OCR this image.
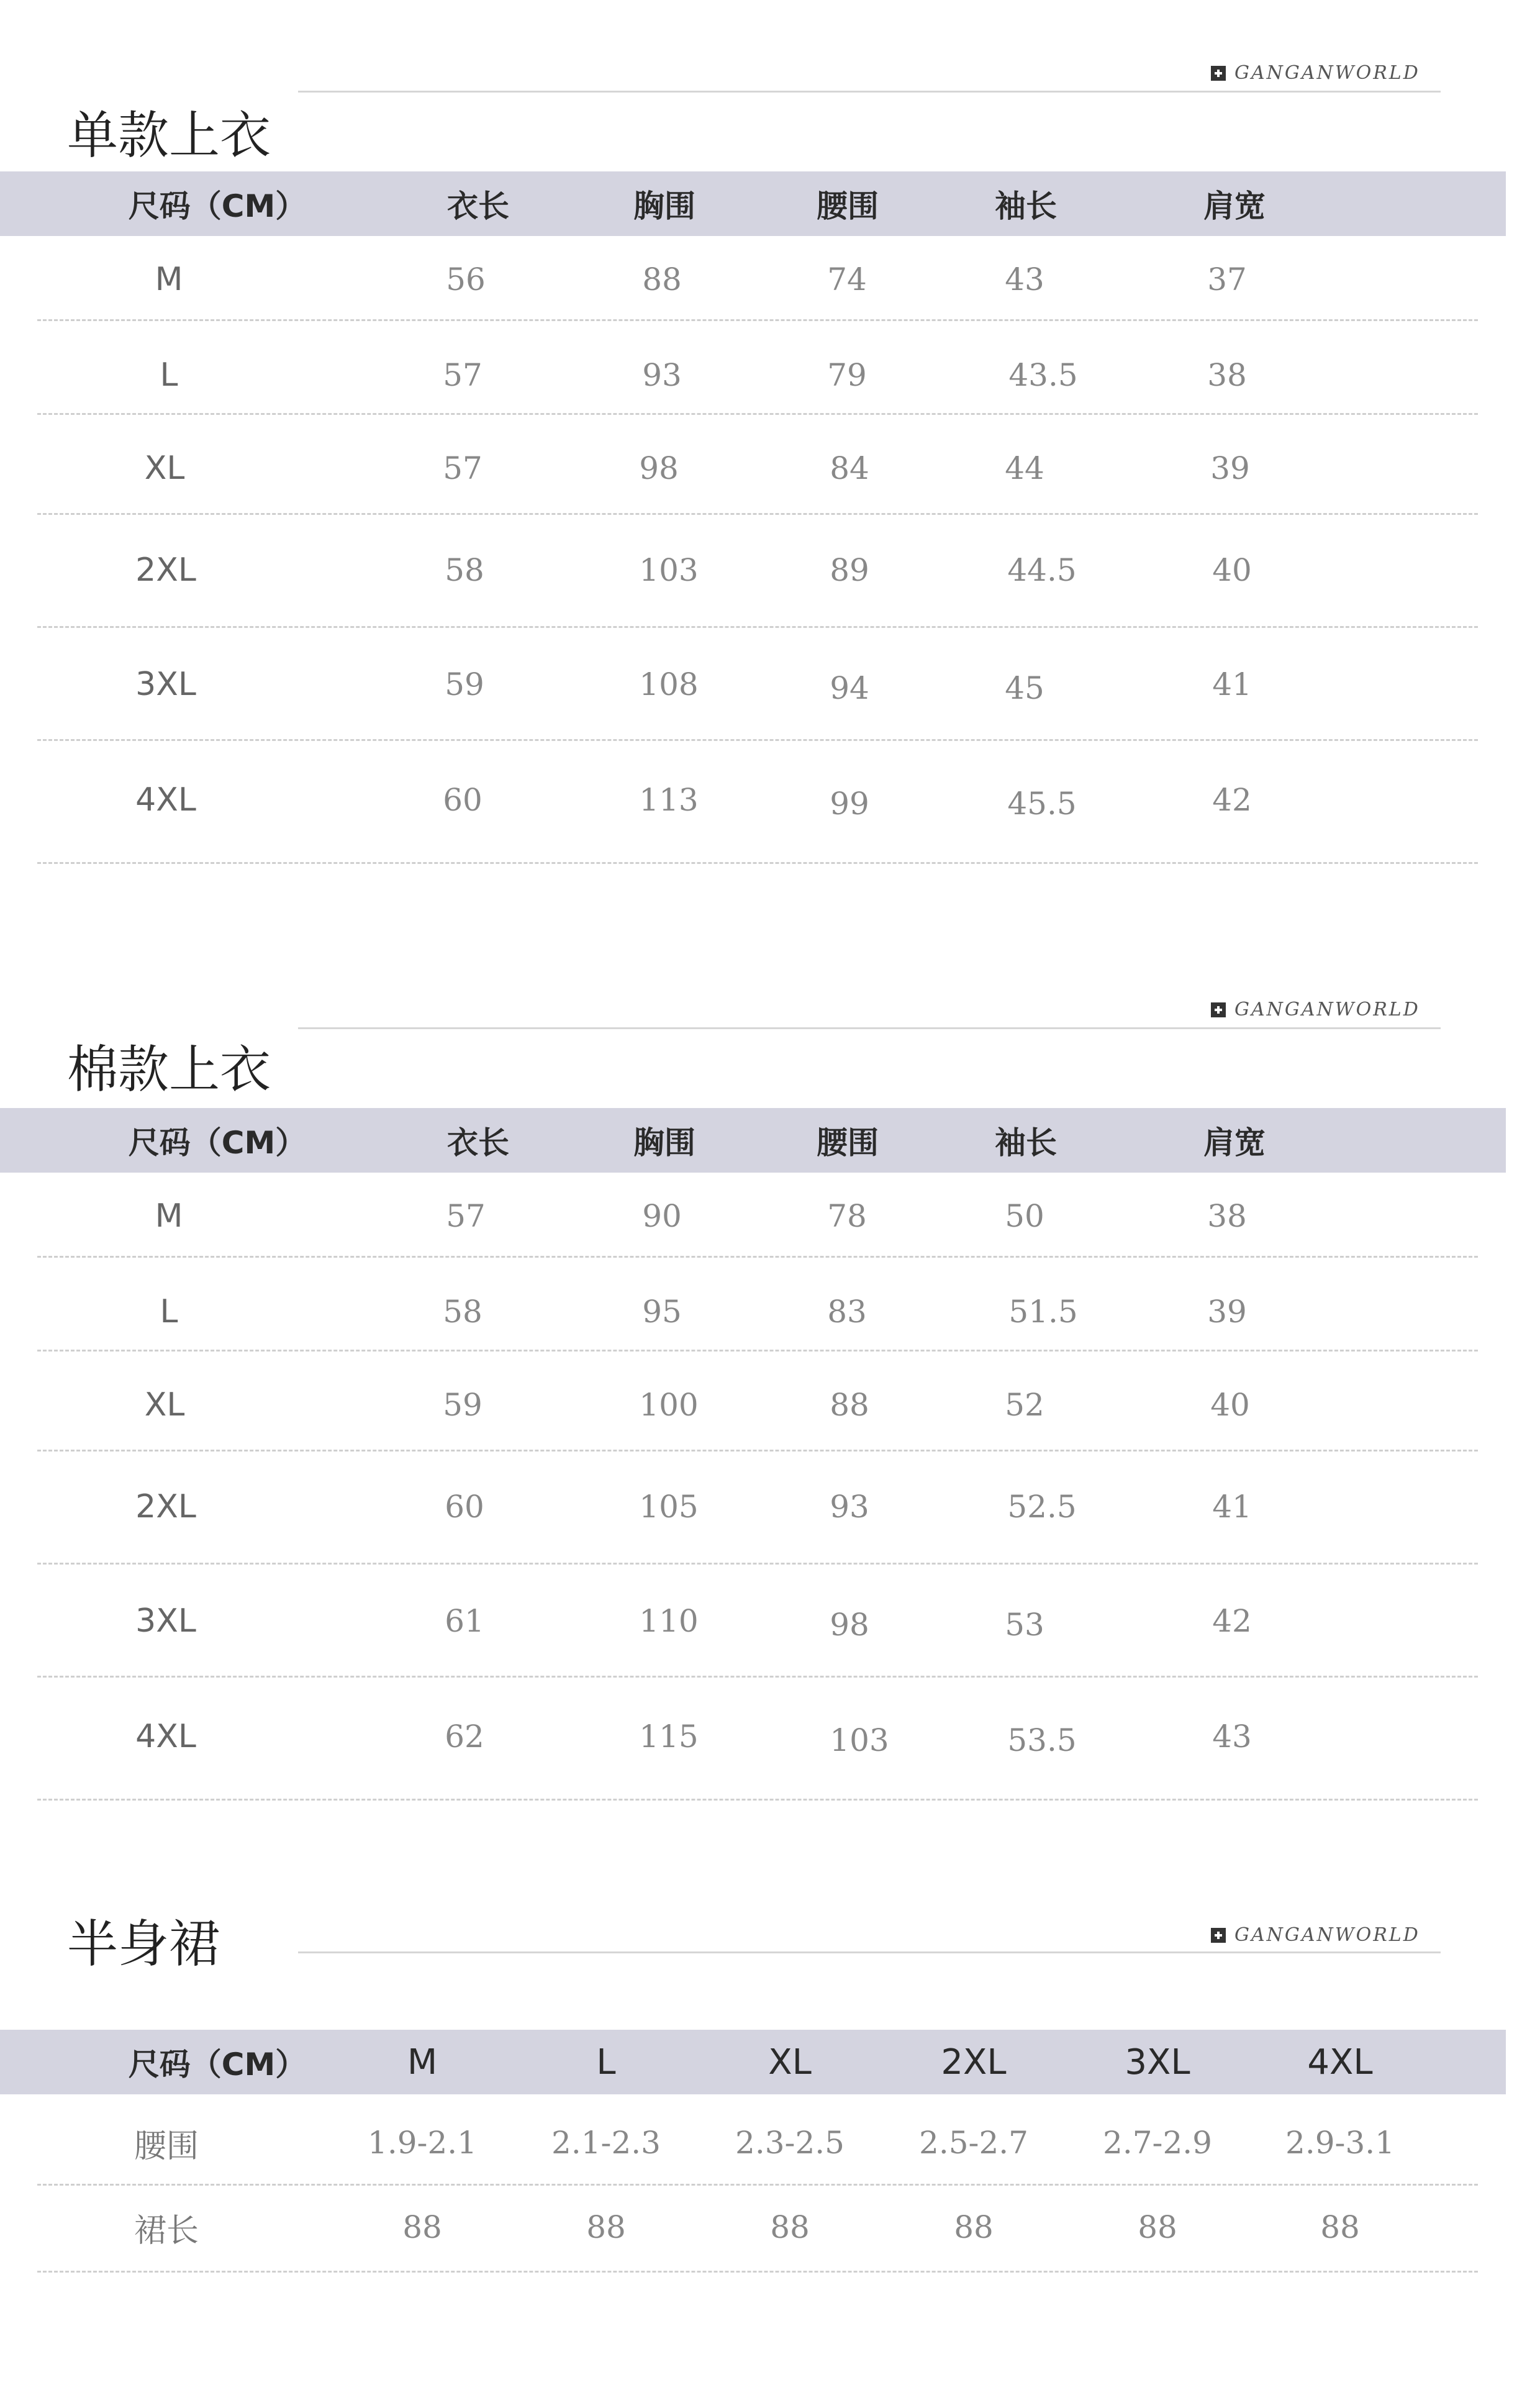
GANGANWORLD
单款上衣
尺码（CM）	衣长	胸围	腰围	袖长	肩宽
M	56	88	74	43	37
L	57	93	79	43.5	38
XL	57	98	84	44	39
2XL	58	103	89	44.5	40
3XL	59	108	94	45	41
4XL	60	113	99	45.5	42
GANGANWORLD
棉款上衣
尺码（CM）	衣长	胸围	腰围	袖长	肩宽
M	57	90	78	50	38
L	58	95	83	51.5	39
XL	59	100	88	52	40
2XL	60	105	93	52.5	41
3XL	61	110	98	53	42
4XL	62	115	103	53.5	43
半身裙	GANGANWORLD
尺码（CM）	M	L	XL	2XL	3XL	4XL
腰围	1.9-2.1	2.1-2.3	2.3-2.5	2.5-2.7	2.7-2.9	2.9-3.1
裙长	88	88	88	88	88	88
